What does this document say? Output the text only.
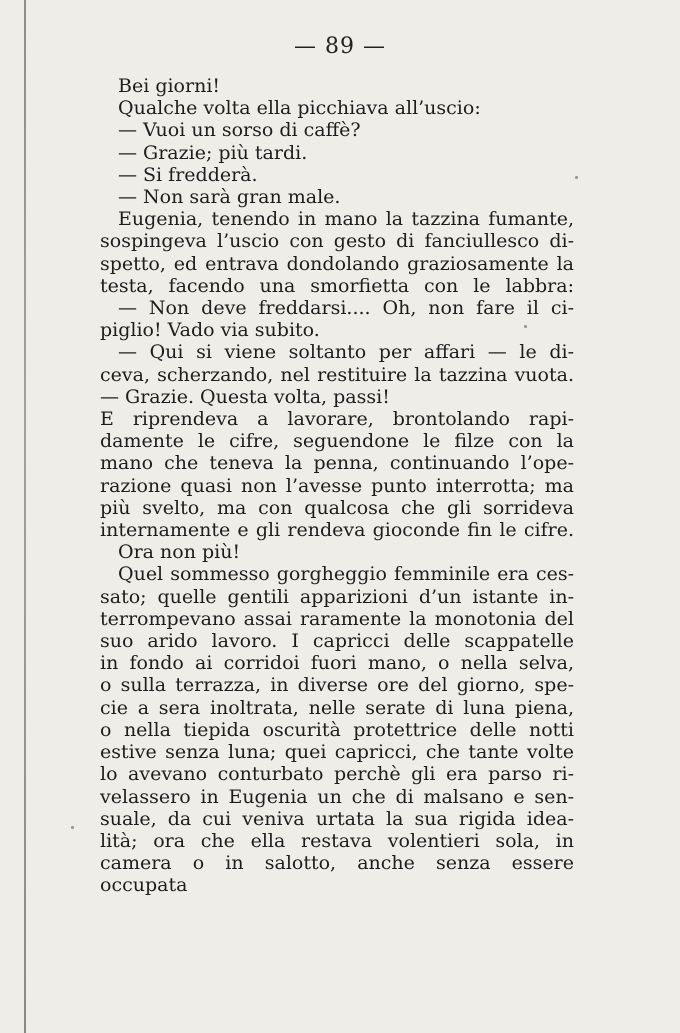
— 89 —
Bei giorni!
Qualche volta ella picchiava all’uscio:
— Vuoi un sorso di caffè?
— Grazie; più tardi.
— Si fredderà.
— Non sarà gran male.
Eugenia, tenendo in mano la tazzina fumante,
sospingeva l’uscio con gesto di fanciullesco di-
spetto, ed entrava dondolando graziosamente la
testa, facendo una smorfietta con le labbra:
— Non deve freddarsi.... Oh, non fare il ci-
piglio! Vado via subito.
— Qui si viene soltanto per affari — le di-
ceva, scherzando, nel restituire la tazzina vuota.
— Grazie. Questa volta, passi!
E riprendeva a lavorare, brontolando rapi-
damente le cifre, seguendone le filze con la
mano che teneva la penna, continuando l’ope-
razione quasi non l’avesse punto interrotta; ma
più svelto, ma con qualcosa che gli sorrideva
internamente e gli rendeva gioconde fin le cifre.
Ora non più!
Quel sommesso gorgheggio femminile era ces-
sato; quelle gentili apparizioni d’un istante in-
terrompevano assai raramente la monotonia del
suo arido lavoro. I capricci delle scappatelle
in fondo ai corridoi fuori mano, o nella selva,
o sulla terrazza, in diverse ore del giorno, spe-
cie a sera inoltrata, nelle serate di luna piena,
o nella tiepida oscurità protettrice delle notti
estive senza luna; quei capricci, che tante volte
lo avevano conturbato perchè gli era parso ri-
velassero in Eugenia un che di malsano e sen-
suale, da cui veniva urtata la sua rigida idea-
lità; ora che ella restava volentieri sola, in
camera o in salotto, anche senza essere occupata
